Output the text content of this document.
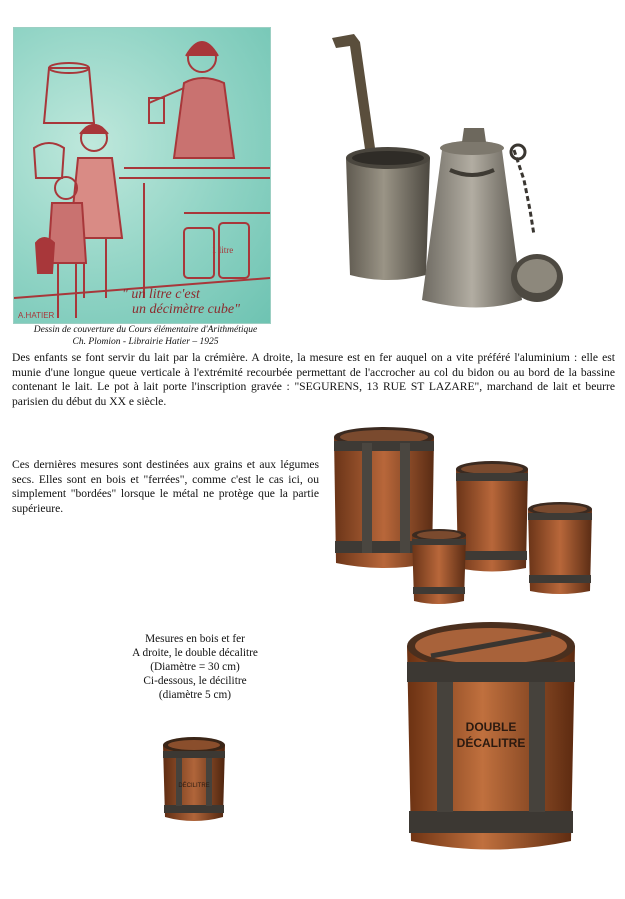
1 litre
" un litre c'est
un décimètre cube"
A.HATIER
Dessin de couverture du Cours élémentaire d'Arithmétique
Ch. Plomion - Librairie Hatier – 1925

Des enfants se font servir du lait par la crémière. A droite, la mesure est en fer auquel on a vite préféré l'aluminium : elle est munie d'une longue queue verticale à l'extrémité recourbée permettant de l'accrocher au col du bidon ou au bord de la bassine contenant le lait. Le pot à lait porte l'inscription gravée : "SEGURENS, 13 RUE ST LAZARE", marchand de lait et beurre parisien du début du XX e siècle.

Ces dernières mesures sont destinées aux grains et aux légumes secs. Elles sont en bois et "ferrées", comme c'est le cas ici, ou simplement "bordées" lorsque le métal ne protège que la partie supérieure.

Mesures en bois et fer
A droite, le double décalitre
(Diamètre = 30 cm)
Ci-dessous, le décilitre
(diamètre 5 cm)
DOUBLE
DÉCALITRE
DÉCILITRE
